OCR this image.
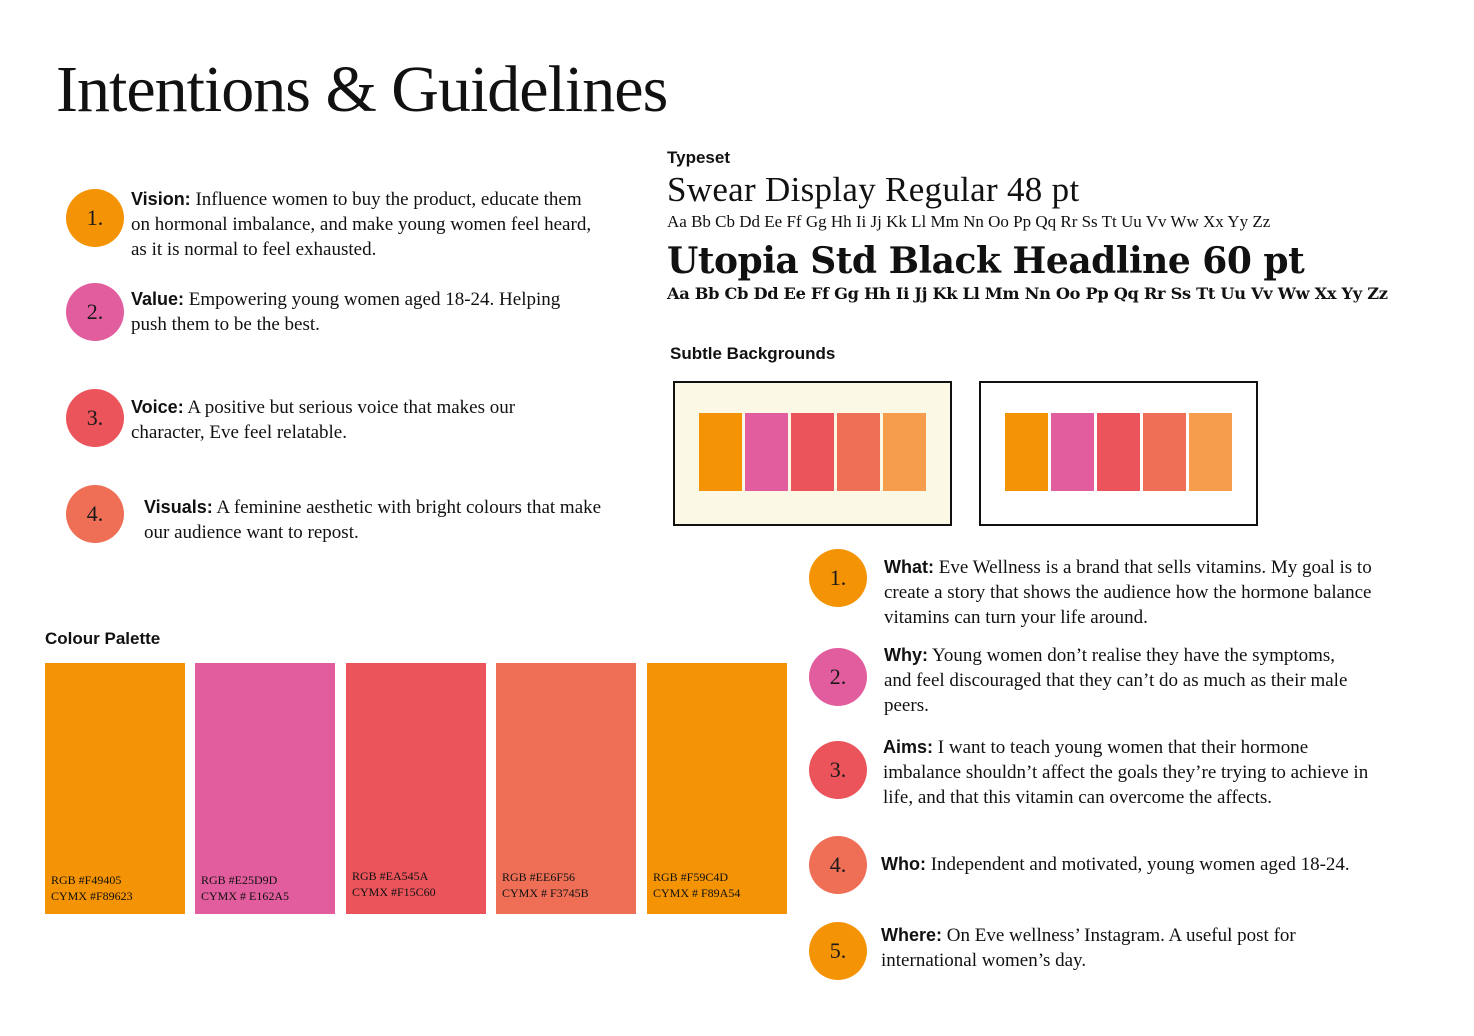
Intentions & Guidelines
1.
Vision: Influence women to buy the product, educate them on hormonal imbalance, and make young women feel heard, as it is normal to feel exhausted.
2.	Value: Empowering young women aged 18-24. Helping push them to be the best.
3.	Voice: A positive but serious voice that makes our character, Eve feel relatable.
4.	Visuals: A feminine aesthetic with bright colours that make our audience want to repost.
Typeset
Swear Display Regular 48 pt
Aa Bb Cb Dd Ee Ff Gg Hh Ii Jj Kk Ll Mm Nn Oo Pp Qq Rr Ss Tt Uu Vv Ww Xx Yy Zz
Utopia Std Black Headline 60 pt
Aa Bb Cb Dd Ee Ff Gg Hh Ii Jj Kk Ll Mm Nn Oo Pp Qq Rr Ss Tt Uu Vv Ww Xx Yy Zz
Subtle Backgrounds
Colour Palette
RGB #F49405
CYMX #F89623
RGB #E25D9D
CYMX # E162A5
RGB #EA545A
CYMX #F15C60
RGB #EE6F56
CYMX # F3745B
RGB #F59C4D
CYMX # F89A54
1.	What: Eve Wellness is a brand that sells vitamins. My goal is to create a story that shows the audience how the hormone balance vitamins can turn your life around.
2.
Why: Young women don’t realise they have the symptoms, and feel discouraged that they can’t do as much as their male peers.
3.
Aims: I want to teach young women that their hormone imbalance shouldn’t affect the goals they’re trying to achieve in life, and that this vitamin can overcome the affects.
4.	Who: Independent and motivated, young women aged 18-24.
5.
Where: On Eve wellness’ Instagram. A useful post for international women’s day.
